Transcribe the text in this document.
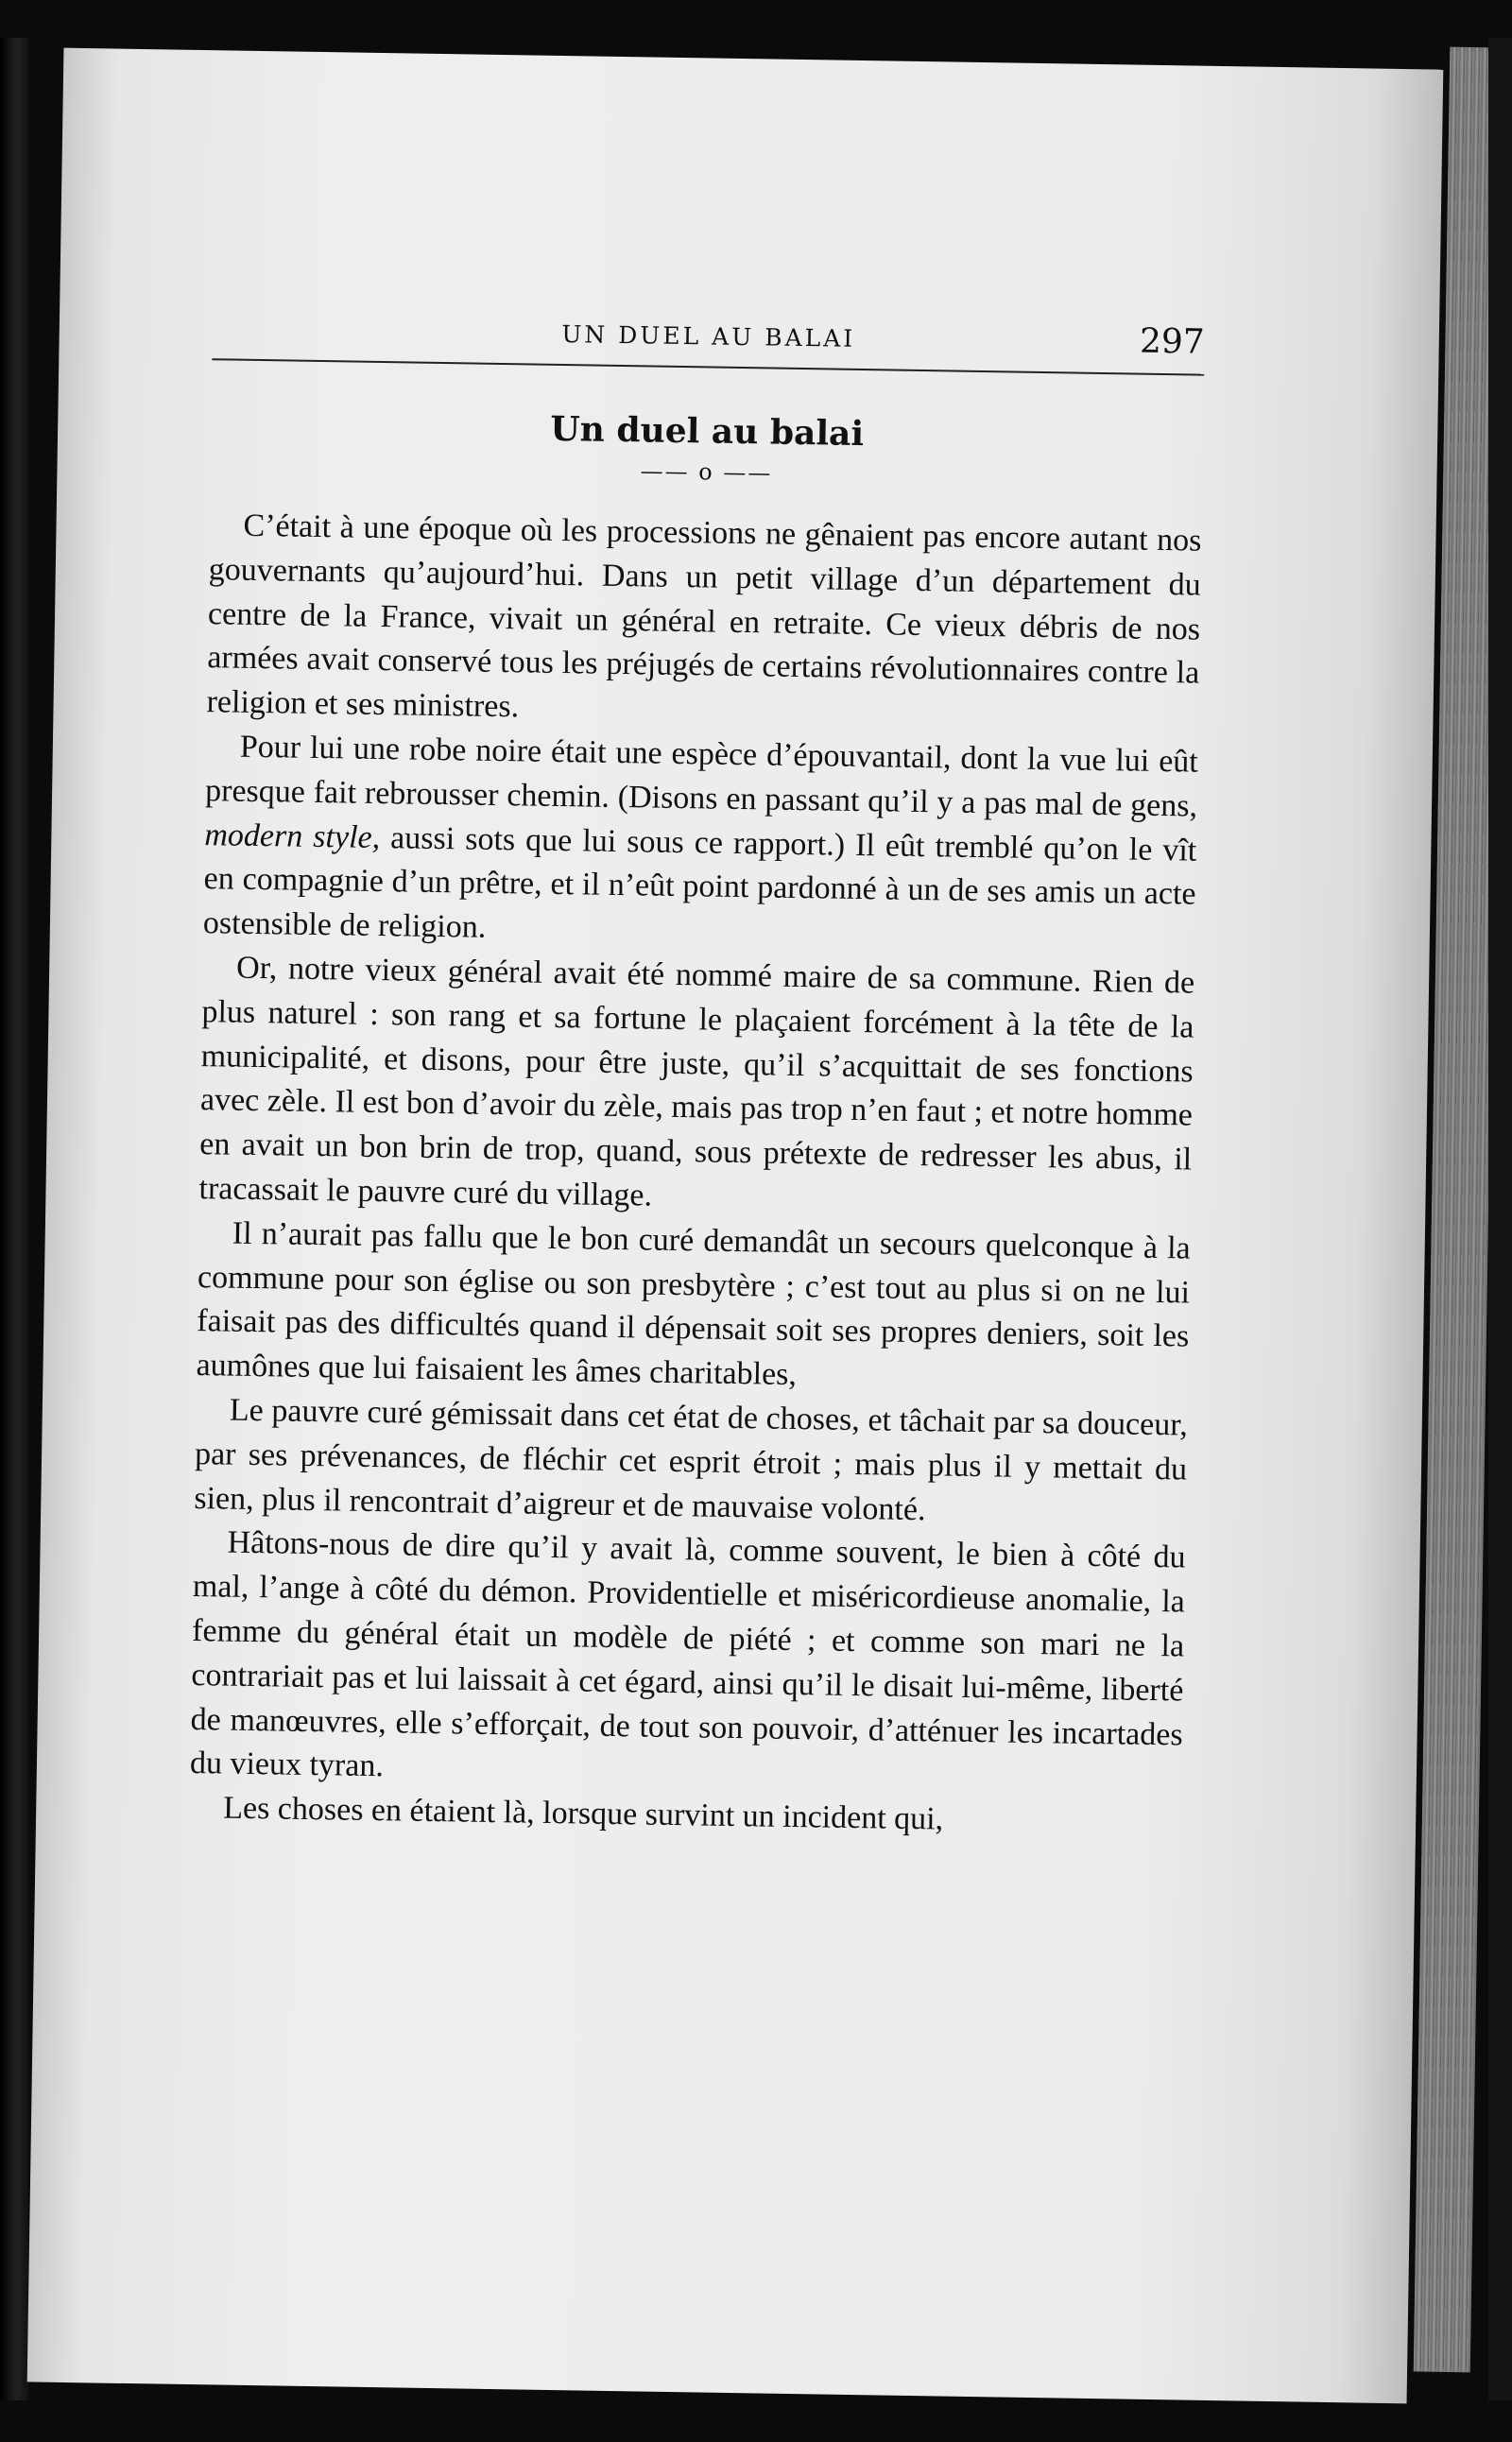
UN DUEL AU BALAI	297
Un duel au balai
—— o ——

C’était à une époque où les processions ne gênaient pas encore autant nos gouvernants qu’aujourd’hui. Dans un petit village d’un département du centre de la France, vivait un général en retraite. Ce vieux débris de nos armées avait conservé tous les préjugés de certains révolutionnaires contre la religion et ses ministres.

Pour lui une robe noire était une espèce d’épouvantail, dont la vue lui eût presque fait rebrousser chemin. (Disons en passant qu’il y a pas mal de gens, modern style, aussi sots que lui sous ce rapport.) Il eût tremblé qu’on le vît en compagnie d’un prêtre, et il n’eût point pardonné à un de ses amis un acte ostensible de religion.

Or, notre vieux général avait été nommé maire de sa commune. Rien de plus naturel : son rang et sa fortune le plaçaient forcément à la tête de la municipalité, et disons, pour être juste, qu’il s’acquittait de ses fonctions avec zèle. Il est bon d’avoir du zèle, mais pas trop n’en faut ; et notre homme en avait un bon brin de trop, quand, sous prétexte de redresser les abus, il tracassait le pauvre curé du village.

Il n’aurait pas fallu que le bon curé demandât un secours quelconque à la commune pour son église ou son presbytère ; c’est tout au plus si on ne lui faisait pas des difficultés quand il dépensait soit ses propres deniers, soit les aumônes que lui faisaient les âmes charitables,

Le pauvre curé gémissait dans cet état de choses, et tâchait par sa douceur, par ses prévenances, de fléchir cet esprit étroit ; mais plus il y mettait du sien, plus il rencontrait d’aigreur et de mauvaise volonté.

Hâtons-nous de dire qu’il y avait là, comme souvent, le bien à côté du mal, l’ange à côté du démon. Providentielle et miséricordieuse anomalie, la femme du général était un modèle de piété ; et comme son mari ne la contrariait pas et lui laissait à cet égard, ainsi qu’il le disait lui-même, liberté de manœuvres, elle s’efforçait, de tout son pouvoir, d’atténuer les incartades du vieux tyran.

Les choses en étaient là, lorsque survint un incident qui,
